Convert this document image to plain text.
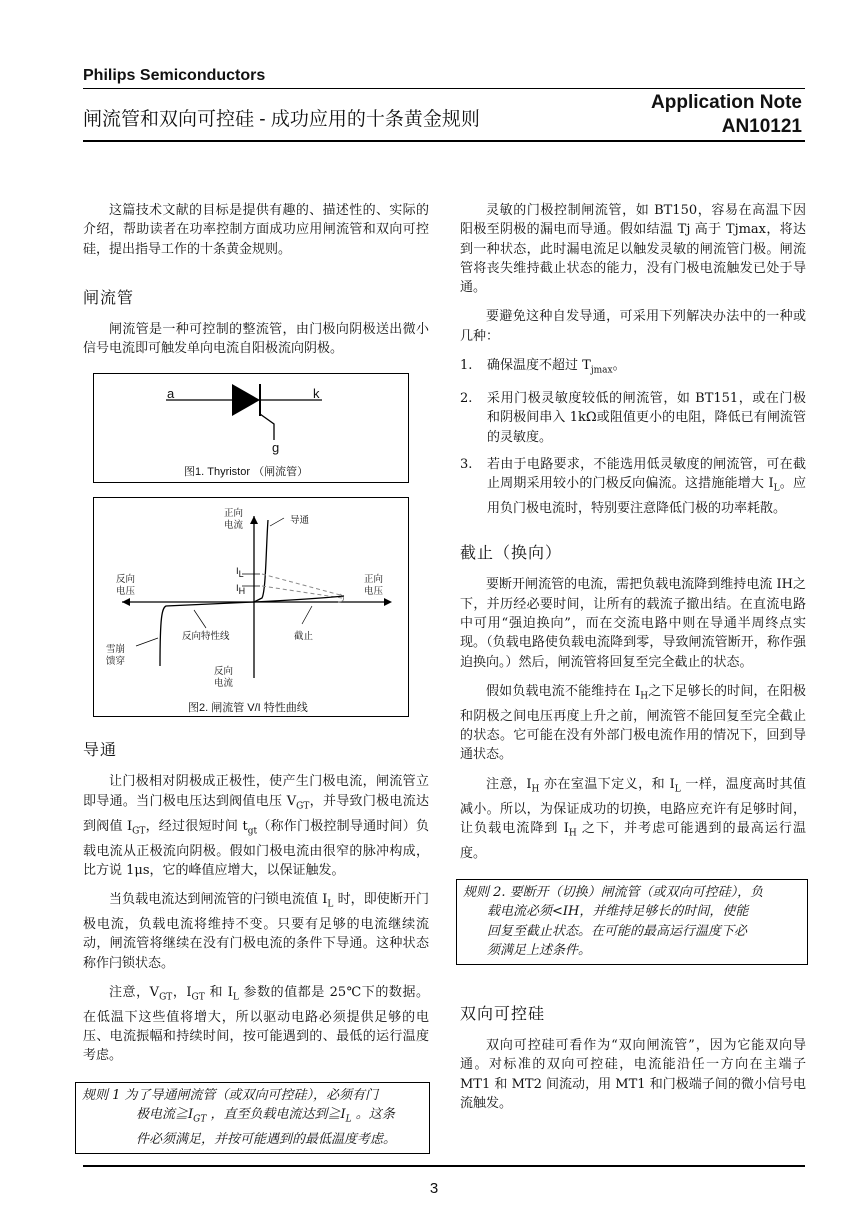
Philips Semiconductors
闸流管和双向可控硅 - 成功应用的十条黄金规则
Application Note
AN10121

这篇技术文献的目标是提供有趣的、描述性的、实际的介绍，帮助读者在功率控制方面成功应用闸流管和双向可控硅，提出指导工作的十条黄金规则。

闸流管

闸流管是一种可控制的整流管，由门极向阴极送出微小信号电流即可触发单向电流自阳极流向阴极。

a	k
g
图1. Thyristor （闸流管）
正向
电流	导通
$I_L$
$I_H$
反向
电压
正向
电压
反向特性线	截止
雪崩
馈穿
反向
电流
图2. 闸流管 V/I 特性曲线
导通

让门极相对阴极成正极性，使产生门极电流，闸流管立即导通。当门极电压达到阀值电压 $V_{GT}$，并导致门极电流达到阀值 $I_{GT}$，经过很短时间 $t_{gt}$（称作门极控制导通时间）负载电流从正极流向阴极。假如门极电流由很窄的脉冲构成，比方说 1μs，它的峰值应增大，以保证触发。

当负载电流达到闸流管的闩锁电流值 $I_L$ 时，即使断开门极电流，负载电流将维持不变。只要有足够的电流继续流动，闸流管将继续在没有门极电流的条件下导通。这种状态称作闩锁状态。

注意，$V_{GT}$，$I_{GT}$ 和 $I_L$ 参数的值都是 25℃下的数据。在低温下这些值将增大，所以驱动电路必须提供足够的电压、电流振幅和持续时间，按可能遇到的、最低的运行温度考虑。

规则 1 为了导通闸流管（或双向可控硅），必须有门
极电流$≧I_{GT}$ ，直至负载电流达到$≧I_L$ 。这条
件必须满足，并按可能遇到的最低温度考虑。

灵敏的门极控制闸流管，如 BT150，容易在高温下因阳极至阴极的漏电而导通。假如结温 Tj 高于 Tjmax，将达到一种状态，此时漏电流足以触发灵敏的闸流管门极。闸流管将丧失维持截止状态的能力，没有门极电流触发已处于导通。

要避免这种自发导通，可采用下列解决办法中的一种或几种：

1. 确保温度不超过 $T_{jmax}$。
2. 采用门极灵敏度较低的闸流管，如 BT151，或在门极和阴极间串入 1kΩ或阻值更小的电阻，降低已有闸流管的灵敏度。
3. 若由于电路要求，不能选用低灵敏度的闸流管，可在截止周期采用较小的门极反向偏流。这措施能增大 $I_L$。应用负门极电流时，特别要注意降低门极的功率耗散。
截止（换向）

要断开闸流管的电流，需把负载电流降到维持电流 IH之下，并历经必要时间，让所有的载流子撤出结。在直流电路中可用“强迫换向”，而在交流电路中则在导通半周终点实现。（负载电路使负载电流降到零，导致闸流管断开，称作强迫换向。）然后，闸流管将回复至完全截止的状态。

假如负载电流不能维持在 $I_H$之下足够长的时间，在阳极和阴极之间电压再度上升之前，闸流管不能回复至完全截止的状态。它可能在没有外部门极电流作用的情况下，回到导通状态。

注意，$I_H$ 亦在室温下定义，和 $I_L$ 一样，温度高时其值减小。所以，为保证成功的切换，电路应充许有足够时间，让负载电流降到 $I_H$ 之下，并考虑可能遇到的最高运行温度。

规则 2. 要断开（切换）闸流管（或双向可控硅），负
载电流必须<IH，并维持足够长的时间，使能
回复至截止状态。在可能的最高运行温度下必
须满足上述条件。
双向可控硅

双向可控硅可看作为“双向闸流管”，因为它能双向导通。对标准的双向可控硅，电流能沿任一方向在主端子 MT1 和 MT2 间流动，用 MT1 和门极端子间的微小信号电流触发。

3
